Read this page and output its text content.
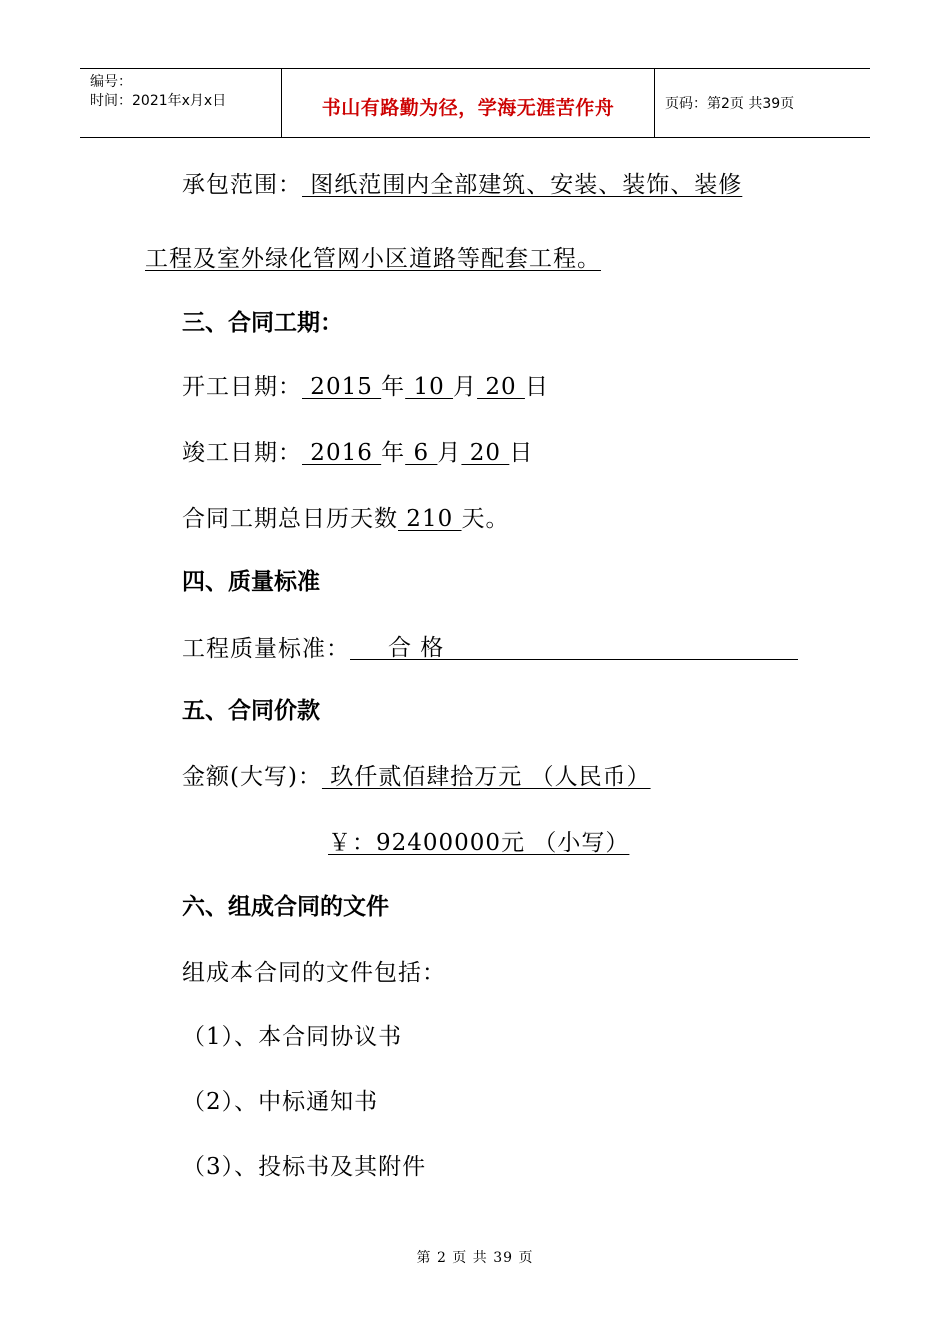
编号：
时间：2021年x月x日	书山有路勤为径，学海无涯苦作舟	页码：第2页 共39页
承包范围： 图纸范围内全部建筑、安装、装饰、装修
工程及室外绿化管网小区道路等配套工程。
三、合同工期：
开工日期： 2015 年 10 月 20 日
竣工日期： 2016 年 6 月 20 日
合同工期总日历天数 210 天。
四、质量标准
工程质量标准： 合 格
五、合同价款
金额(大写)： 玖仟贰佰肆拾万元 （人民币）
￥：92400000元 （小写）
六、组成合同的文件
组成本合同的文件包括：
（1）、本合同协议书
（2）、中标通知书
（3）、投标书及其附件
第 2 页 共 39 页
